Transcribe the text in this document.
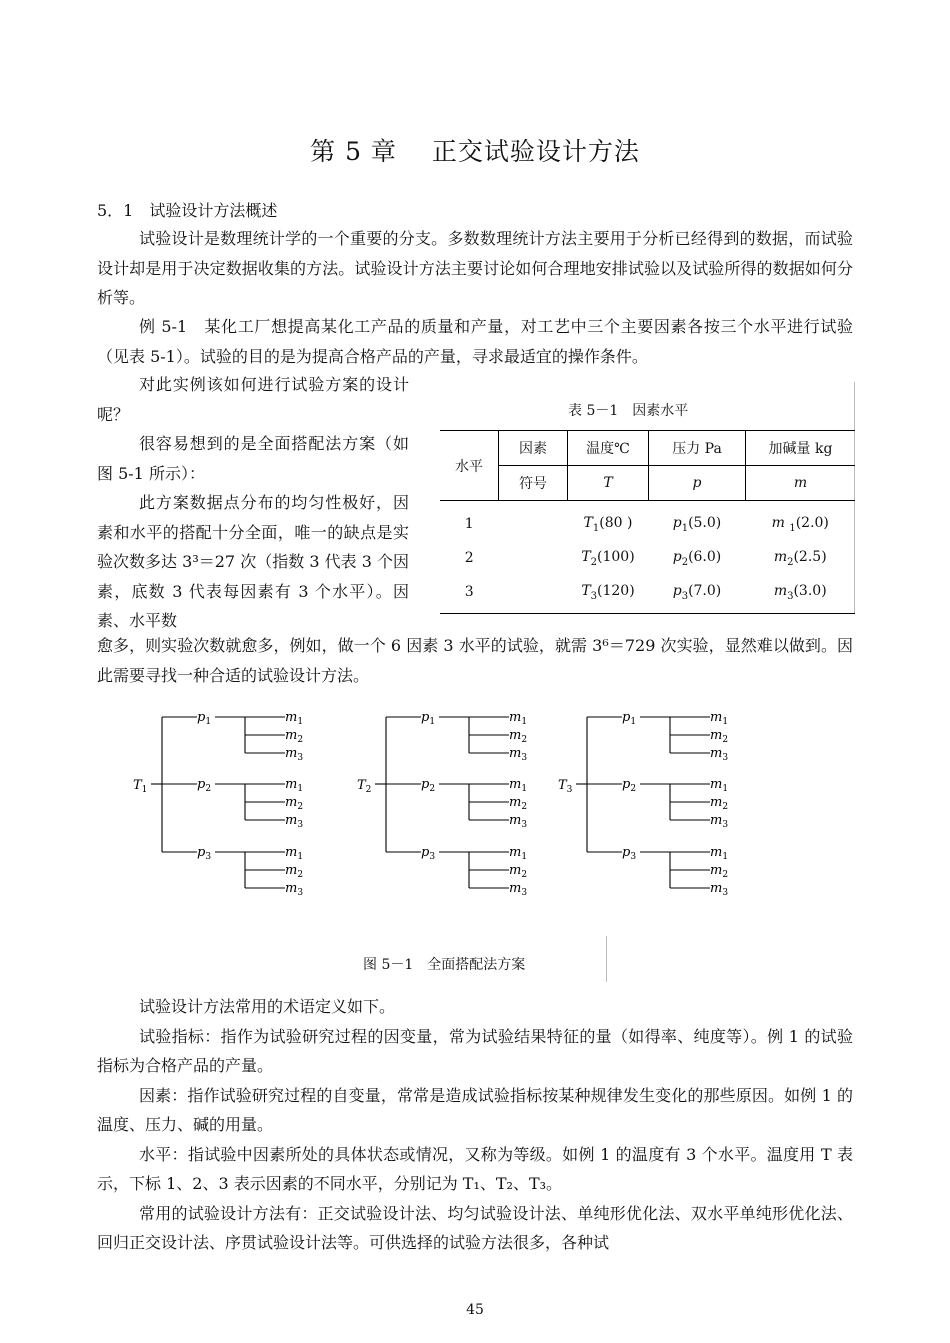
第 5 章　 正交试验设计方法
5．1　试验设计方法概述
试验设计是数理统计学的一个重要的分支。多数数理统计方法主要用于分析已经得到的数据，而试验设计却是用于决定数据收集的方法。试验设计方法主要讨论如何合理地安排试验以及试验所得的数据如何分析等。
例 5-1　某化工厂想提高某化工产品的质量和产量，对工艺中三个主要因素各按三个水平进行试验（见表 5-1）。试验的目的是为提高合格产品的产量，寻求最适宜的操作条件。

对此实例该如何进行试验方案的设计呢？

很容易想到的是全面搭配法方案（如图 5-1 所示）：

此方案数据点分布的均匀性极好，因素和水平的搭配十分全面，唯一的缺点是实验次数多达 3³＝27 次（指数 3 代表 3 个因素，底数 3 代表每因素有 3 个水平）。因素、水平数

表 5－1　因素水平
水平	因素	温度℃	压力 Pa	加碱量 kg
	符号	T	p	m
1		$T_1(80$ )	$p_1(5.0)$	m $_1$(2.0)
2		$T_2(100)$	$p_2(6.0)$	$m_2(2.5)$
3		$T_3(120)$	$p_3(7.0)$	$m_3(3.0)$
愈多，则实验次数就愈多，例如，做一个 6 因素 3 水平的试验，就需 3⁶＝729 次实验，显然难以做到。因此需要寻找一种合适的试验设计方法。
$T_1$
$p_1$	$m_1$
$m_2$
$m_3$
$p_2$	$m_1$
$m_2$
$m_3$
$p_3$	$m_1$
$m_2$
$m_3$
$T_2$
$p_1$	$m_1$
$m_2$
$m_3$
$p_2$	$m_1$
$m_2$
$m_3$
$p_3$	$m_1$
$m_2$
$m_3$
$T_3$
$p_1$	$m_1$
$m_2$
$m_3$
$p_2$	$m_1$
$m_2$
$m_3$
$p_3$	$m_1$
$m_2$
$m_3$
图 5－1　全面搭配法方案

试验设计方法常用的术语定义如下。

试验指标：指作为试验研究过程的因变量，常为试验结果特征的量（如得率、纯度等）。例 1 的试验指标为合格产品的产量。

因素：指作试验研究过程的自变量，常常是造成试验指标按某种规律发生变化的那些原因。如例 1 的温度、压力、碱的用量。

水平：指试验中因素所处的具体状态或情况，又称为等级。如例 1 的温度有 3 个水平。温度用 T 表示，下标 1、2、3 表示因素的不同水平，分别记为 T₁、T₂、T₃。

常用的试验设计方法有：正交试验设计法、均匀试验设计法、单纯形优化法、双水平单纯形优化法、回归正交设计法、序贯试验设计法等。可供选择的试验方法很多，各种试

45
